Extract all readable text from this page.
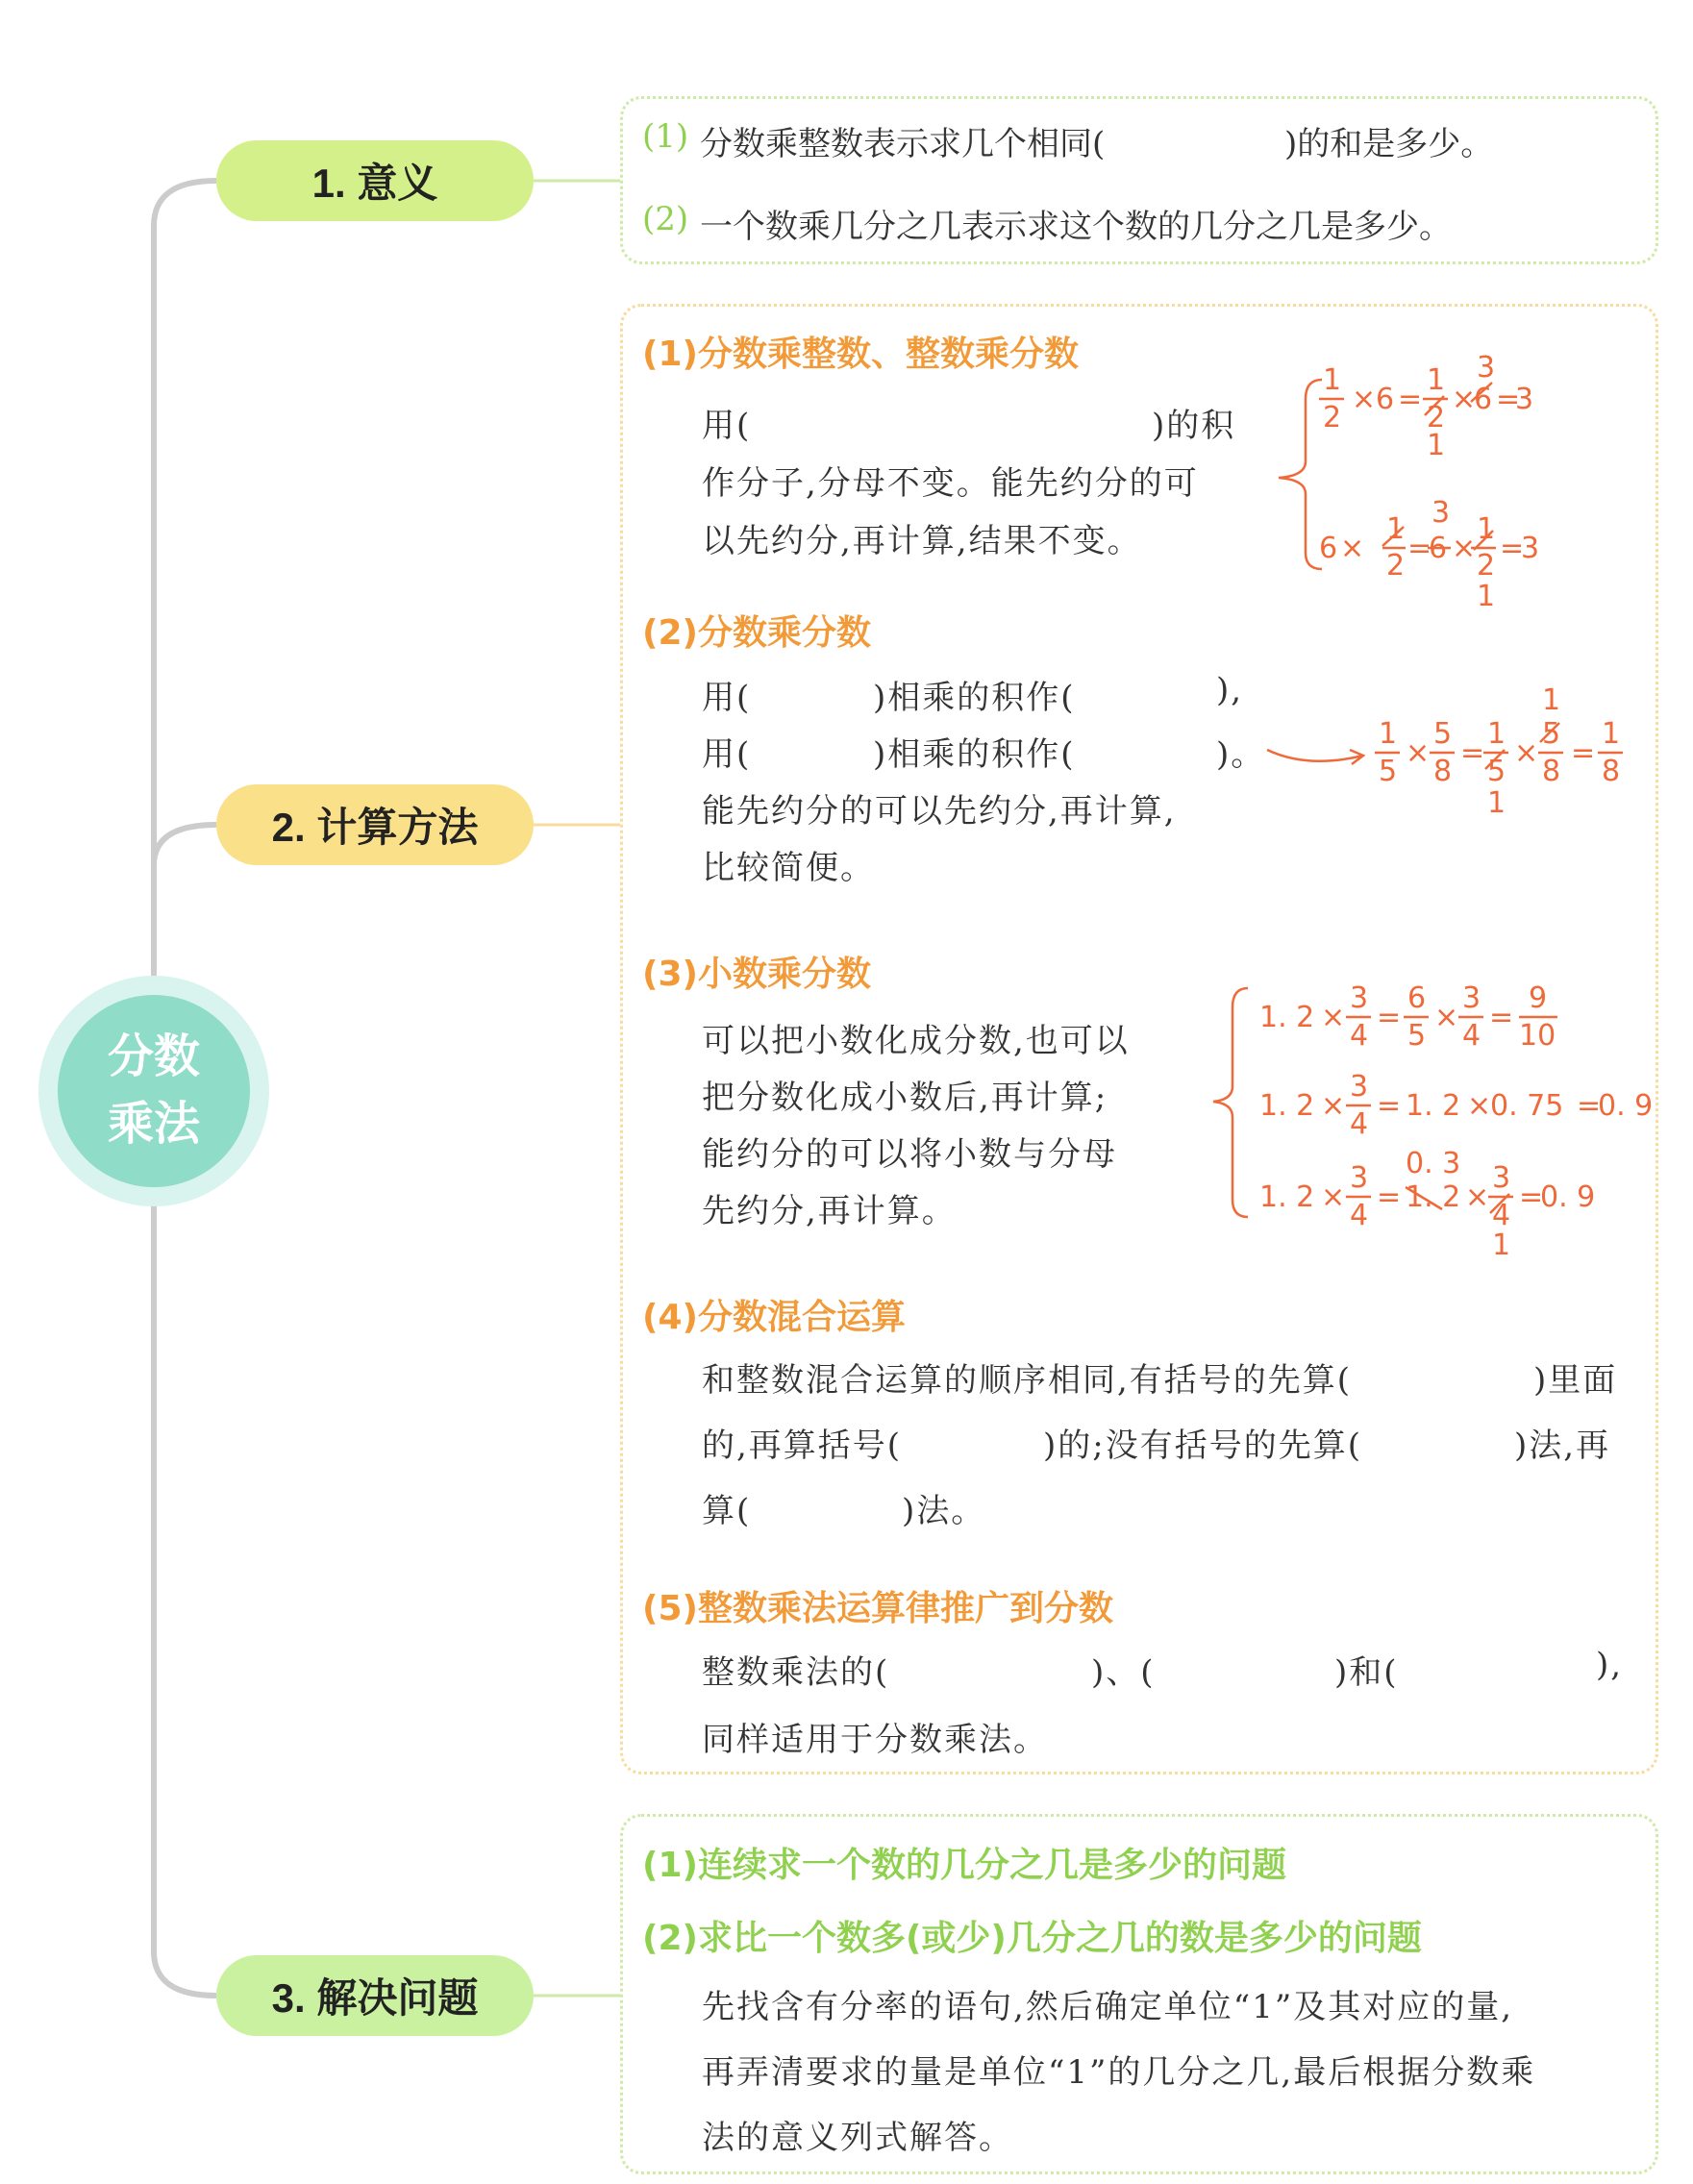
分数
乘法
1. 意义
2. 计算方法
3. 解决问题
(1) 分数乘整数表示求几个相同(	)的和是多少。
(2) 一个数乘几分之几表示求这个数的几分之几是多少。
(1)分数乘整数、整数乘分数
用(	)的积
作分子,分母不变。能先约分的可
以先约分,再计算,结果不变。
(2)分数乘分数
用(	)相乘的积作(	),
用(	)相乘的积作(	)。
能先约分的可以先约分,再计算,
比较简便。
(3)小数乘分数
可以把小数化成分数,也可以
把分数化成小数后,再计算;
能约分的可以将小数与分母
先约分,再计算。
(4)分数混合运算
和整数混合运算的顺序相同,有括号的先算(	)里面
的,再算括号(	)的;没有括号的先算(	)法,再
算(	)法。
(5)整数乘法运算律推广到分数
整数乘法的(	)、(	)和(	),
同样适用于分数乘法。
(1)连续求一个数的几分之几是多少的问题
(2)求比一个数多(或少)几分之几的数是多少的问题
先找含有分率的语句,然后确定单位“1”及其对应的量,
再弄清要求的量是单位“1”的几分之几,最后根据分数乘
法的意义列式解答。
1
2
× 6 =
1
2
1
×
6
3
=
3
6 ×
1
2
=
6
3
×
1
2
1
=
3
1
5
×
5
8
=
1
5
1
×
5
1
8
=
1
8
1. 2 ×
3
4
=
6
5
×
3
4
=
9
10
1. 2 ×
3
4
= 1. 2 ×
0. 75 =
0. 9
1. 2 ×
3
4
= 1. 2
0. 3
×
3
4
1
=
0. 9
